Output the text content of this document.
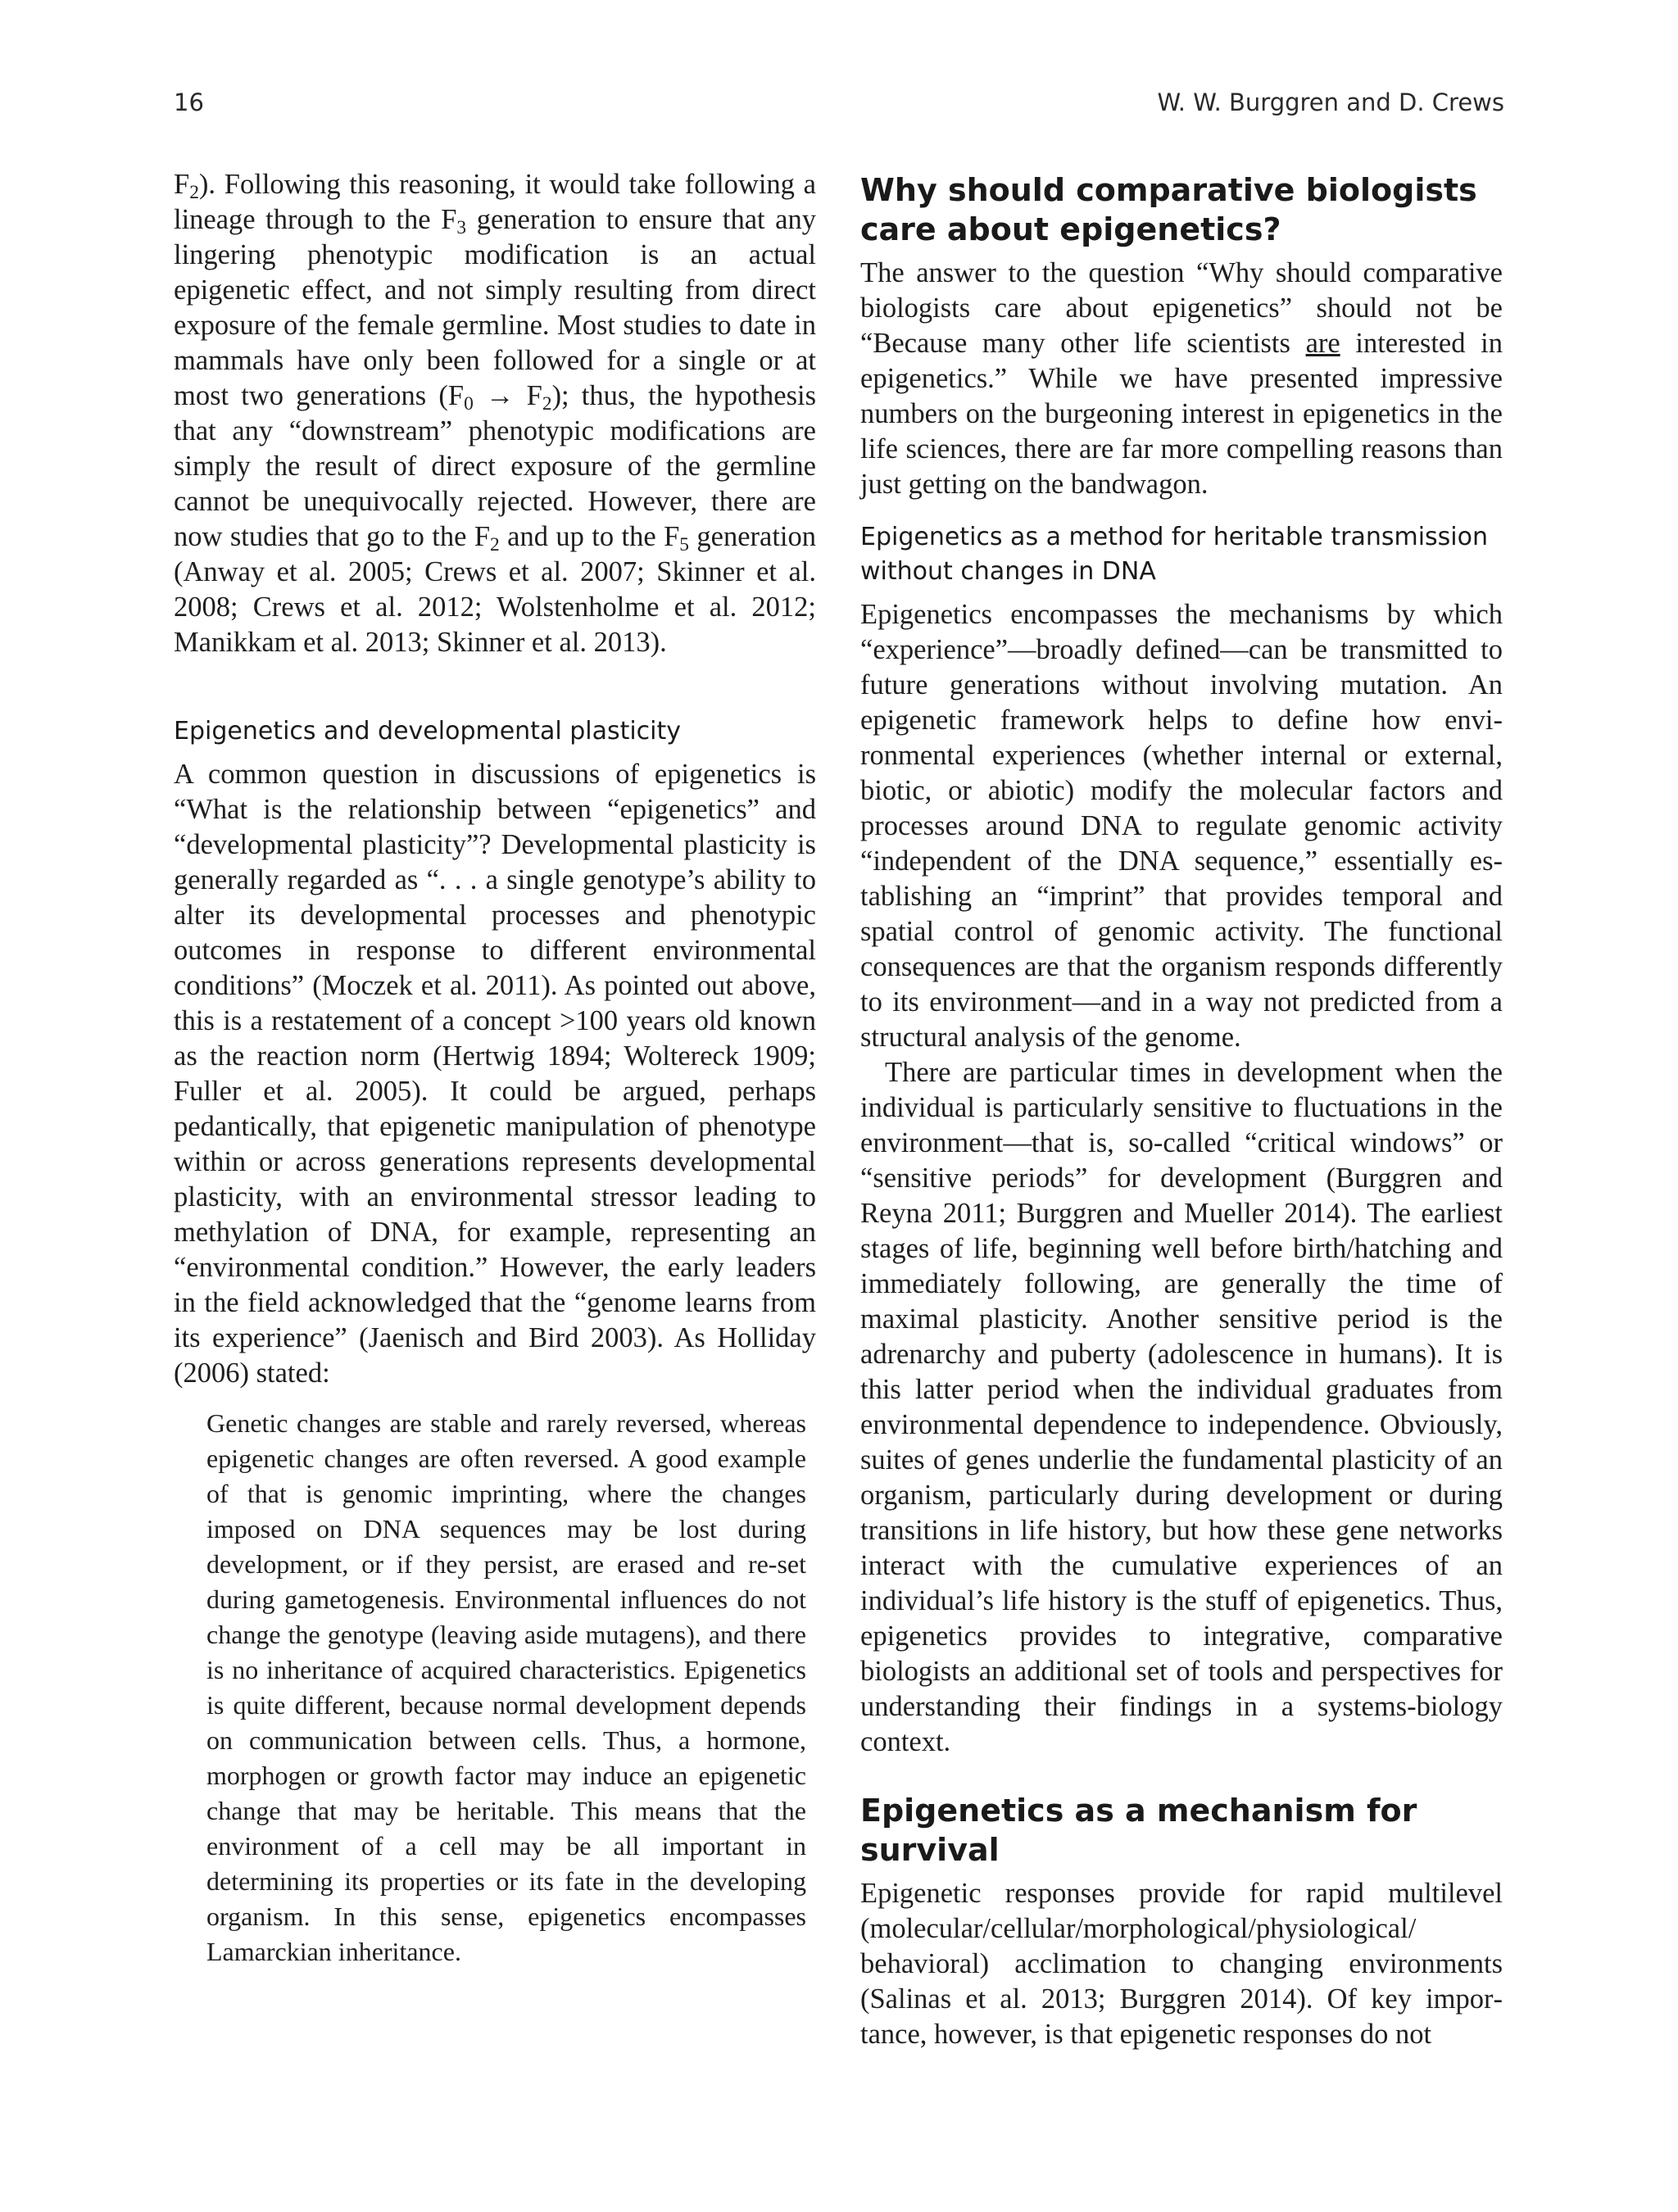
16	W. W. Burggren and D. Crews

$F_2$). Following this reasoning, it would take following a lineage through to the $F_3$ generation to ensure that any lingering phenotypic modification is an actual epigenetic effect, and not simply resulting from direct exposure of the female germline. Most studies to date in mammals have only been followed for a single or at most two generations $(F_0 \to F_2)$; thus, the hypothesis that any “downstream” phenotypic modifications are simply the result of direct exposure of the germline cannot be unequivocally rejected. However, there are now studies that go to the $F_2$ and up to the $F_5$ generation (Anway et al. 2005; Crews et al. 2007; Skinner et al. 2008; Crews et al. 2012; Wolstenholme et al. 2012; Manikkam et al. 2013; Skinner et al. 2013).

Epigenetics and developmental plasticity

A common question in discussions of epigenetics is “What is the relationship between “epigenetics” and “developmental plasticity”? Developmental plasticity is generally regarded as “. . . a single genotype’s ability to alter its developmental processes and phenotypic outcomes in response to different environmental conditions” (Moczek et al. 2011). As pointed out above, this is a restatement of a concept >100 years old known as the reaction norm (Hertwig 1894; Woltereck 1909; Fuller et al. 2005). It could be argued, perhaps pedantically, that epigenetic manipulation of phenotype within or across generations represents developmental plasticity, with an environmental stressor leading to methylation of DNA, for example, representing an “environmental condition.” However, the early leaders in the field acknowledged that the “genome learns from its experience” (Jaenisch and Bird 2003). As Holliday (2006) stated:

Genetic changes are stable and rarely reversed, whereas epigenetic changes are often reversed. A good example of that is genomic imprinting, where the changes imposed on DNA sequences may be lost during development, or if they persist, are erased and re-set during gametogenesis. Environmental influences do not change the genotype (leaving aside mutagens), and there is no inheritance of acquired characteristics. Epigenetics is quite different, because normal development depends on communication between cells. Thus, a hormone, morphogen or growth factor may induce an epigenetic change that may be heritable. This means that the environment of a cell may be all important in determining its properties or its fate in the developing organism. In this sense, epigenetics encompasses Lamarckian inheritance.

Why should comparative biologists care about epigenetics?

The answer to the question “Why should comparative biologists care about epigenetics” should not be “Because many other life scientists are interested in epigenetics.” While we have presented impressive numbers on the burgeoning interest in epigenetics in the life sciences, there are far more compelling reasons than just getting on the bandwagon.

Epigenetics as a method for heritable transmission without changes in DNA

Epigenetics encompasses the mechanisms by which “experience”—broadly defined—can be transmitted to future generations without involving mutation. An epigenetic framework helps to define how environmental experiences (whether internal or external, biotic, or abiotic) modify the molecular factors and processes around DNA to regulate genomic activity “independent of the DNA sequence,” essentially establishing an “imprint” that provides temporal and spatial control of genomic activity. The functional consequences are that the organism responds differently to its environment—and in a way not predicted from a structural analysis of the genome.

There are particular times in development when the individual is particularly sensitive to fluctuations in the environment—that is, so-called “critical windows” or “sensitive periods” for development (Burggren and Reyna 2011; Burggren and Mueller 2014). The earliest stages of life, beginning well before birth/hatching and immediately following, are generally the time of maximal plasticity. Another sensitive period is the adrenarchy and puberty (adolescence in humans). It is this latter period when the individual graduates from environmental dependence to independence. Obviously, suites of genes underlie the fundamental plasticity of an organism, particularly during development or during transitions in life history, but how these gene networks interact with the cumulative experiences of an individual’s life history is the stuff of epigenetics. Thus, epigenetics provides to integrative, comparative biologists an additional set of tools and perspectives for understanding their findings in a systems-biology context.

Epigenetics as a mechanism for survival

Epigenetic responses provide for rapid multilevel (molecular/cellular/morphological/physiological/ behavioral) acclimation to changing environments (Salinas et al. 2013; Burggren 2014). Of key importance, however, is that epigenetic responses do not
